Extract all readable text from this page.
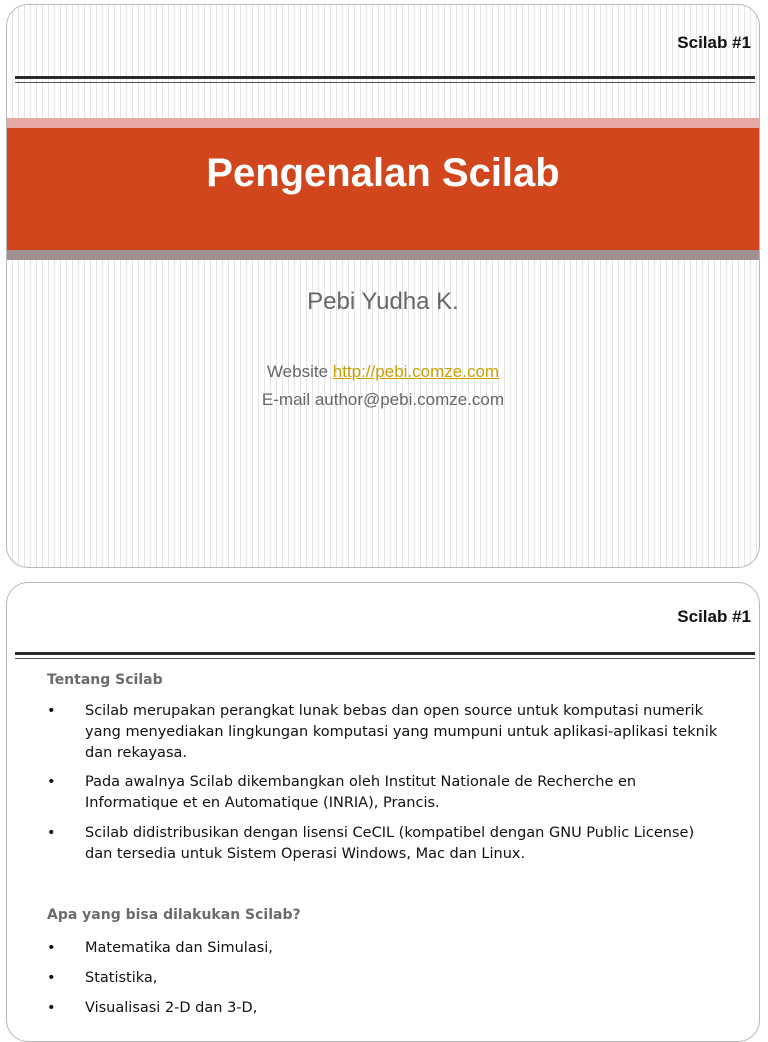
Scilab #1
Pengenalan Scilab
Pebi Yudha K.
Website http://pebi.comze.com
E-mail author@pebi.comze.com
Scilab #1
Tentang Scilab
• Scilab merupakan perangkat lunak bebas dan open source untuk komputasi numerik
yang menyediakan lingkungan komputasi yang mumpuni untuk aplikasi-aplikasi teknik
dan rekayasa.
• Pada awalnya Scilab dikembangkan oleh Institut Nationale de Recherche en
Informatique et en Automatique (INRIA), Prancis.
• Scilab didistribusikan dengan lisensi CeCIL (kompatibel dengan GNU Public License)
dan tersedia untuk Sistem Operasi Windows, Mac dan Linux.
Apa yang bisa dilakukan Scilab?
• Matematika dan Simulasi,
• Statistika,
• Visualisasi 2-D dan 3-D,
